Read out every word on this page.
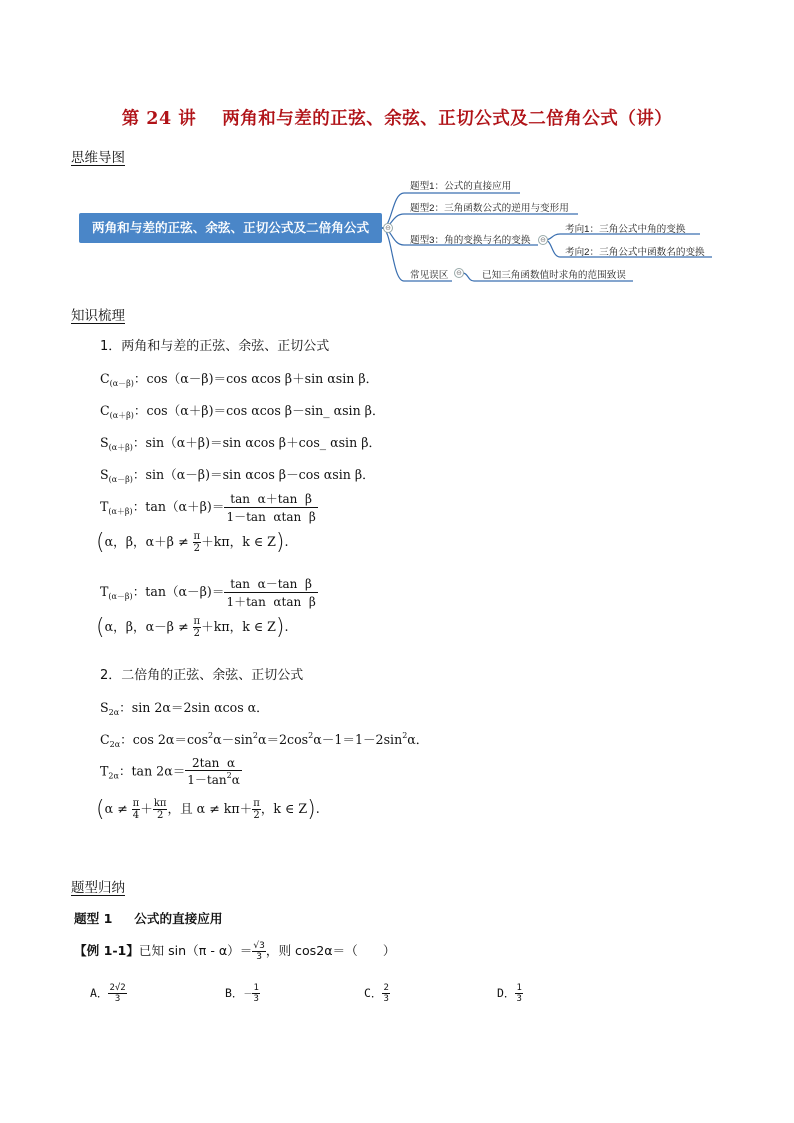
第 24 讲 两角和与差的正弦、余弦、正切公式及二倍角公式（讲）
思维导图
两角和与差的正弦、余弦、正切公式及二倍角公式	⊖
题型1：公式的直接应用
题型2：三角函数公式的逆用与变形用
题型3：角的变换与名的变换 ⊖
考向1：三角公式中角的变换
考向2：三角公式中函数名的变换
常见误区 ⊖ 已知三角函数值时求角的范围致误
知识梳理
1．两角和与差的正弦、余弦、正切公式
$C_{(\alpha-\beta)}$：cos（α－β)＝cos αcos β＋sin αsin β．
$C_{(\alpha+\beta)}$：cos（α＋β)＝cos αcos β－sin_ αsin β．
$S_{(\alpha+\beta)}$：sin（α＋β)＝sin αcos β＋cos_ αsin β．
$S_{(\alpha-\beta)}$：sin（α－β)＝sin αcos β－cos αsin β．
$T_{(\alpha+\beta)}$：$\tan(\alpha+\beta)= \frac{\text{tan  α＋tan  β}}{\text{1－tan  αtan  β}}$
(α，β，$\alpha+\beta \ne \frac{\pi}{2} +k\pi$，k ∈ Z).
$T_{(\alpha-\beta)}$：$\tan(\alpha-\beta)= \frac{\text{tan  α－tan  β}}{\text{1＋tan  αtan  β}}$
(α，β，$\alpha-\beta \ne \frac{\pi}{2} +k\pi$，k ∈ Z).
2．二倍角的正弦、余弦、正切公式
$S_{2\alpha}$：sin 2α＝2sin αcos α．
$C_{2\alpha}$：$\cos 2\alpha=\cos^2\alpha-\sin^2\alpha=2\cos^2\alpha-1=1-2\sin^2\alpha$．
$T_{2\alpha}$：$\tan 2\alpha= \frac{\text{2tan  α}}{1-\tan^2\alpha}$
($\alpha \ne \frac{\pi}{4} + \frac{k\pi}{2}$ ，且 $\alpha \ne k\pi+ \frac{\pi}{2}$ ，k ∈ Z).
题型归纳
题型 1 公式的直接应用
【例 1-1】已知 $\sin(\pi - \alpha)= \frac{√3}{3}$ ，则 cos2α＝（　　）
A． $\frac{2√2}{3}$	B．－ $\frac{1}{3}$	C． $\frac{2}{3}$	D． $\frac{1}{3}$
